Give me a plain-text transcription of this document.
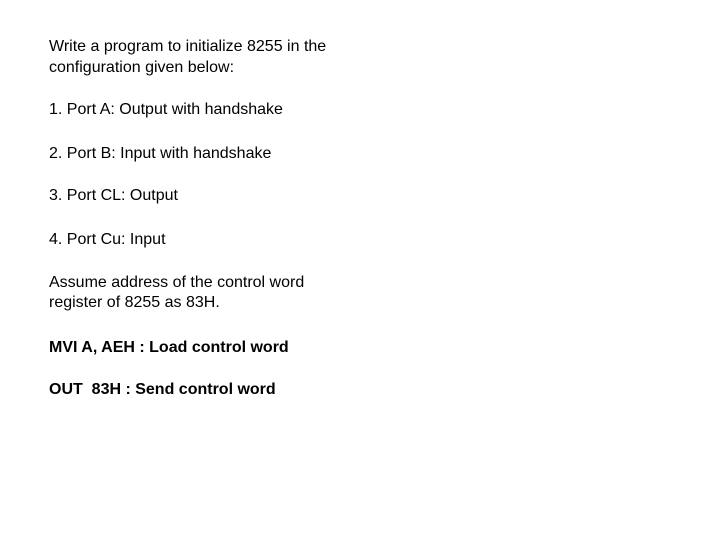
Write a program to initialize 8255 in the

configuration given below:

1. Port A: Output with handshake

2. Port B: Input with handshake

3. Port CL: Output

4. Port Cu: Input

Assume address of the control word

register of 8255 as 83H.

MVI A, AEH : Load control word

OUT  83H : Send control word
